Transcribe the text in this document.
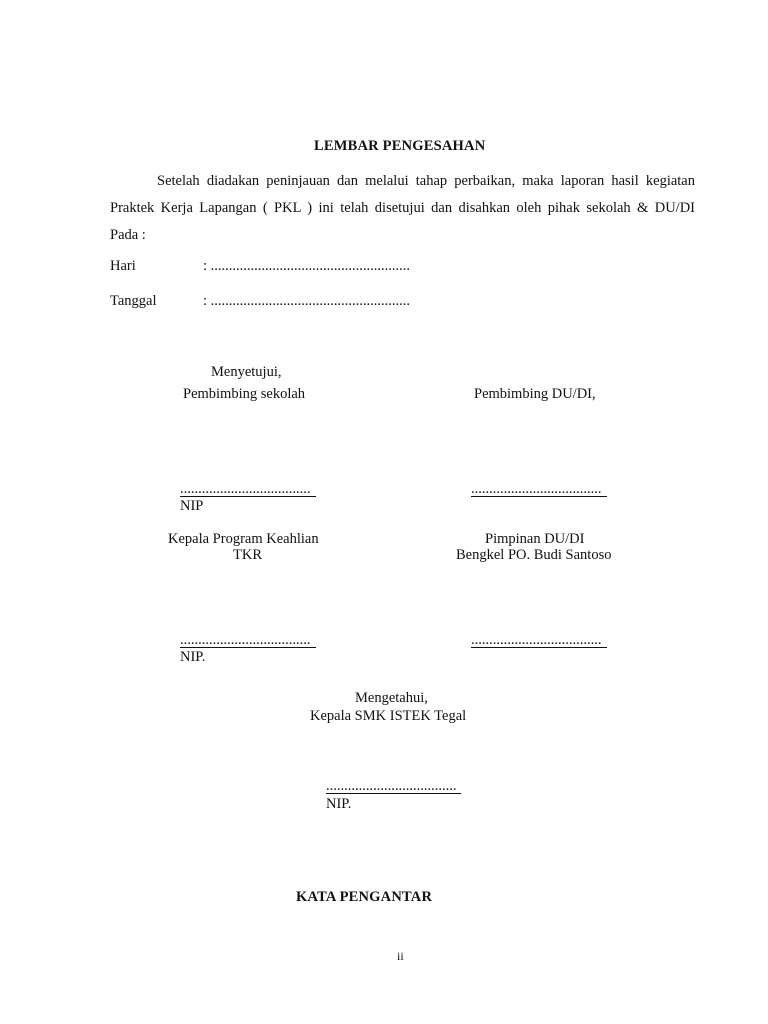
LEMBAR PENGESAHAN
Setelah diadakan peninjauan dan melalui tahap perbaikan, maka laporan hasil kegiatan
Praktek Kerja Lapangan ( PKL ) ini telah disetujui dan disahkan oleh pihak sekolah & DU/DI
Pada :
Hari	: .......................................................
Tanggal	: .......................................................
Menyetujui,
Pembimbing sekolah	Pembimbing DU/DI,
....................................	....................................
NIP
Kepala Program Keahlian
TKR
Pimpinan DU/DI
Bengkel PO. Budi Santoso
....................................	....................................
NIP.
Mengetahui,
Kepala SMK ISTEK Tegal
....................................
NIP.
KATA PENGANTAR
ii
